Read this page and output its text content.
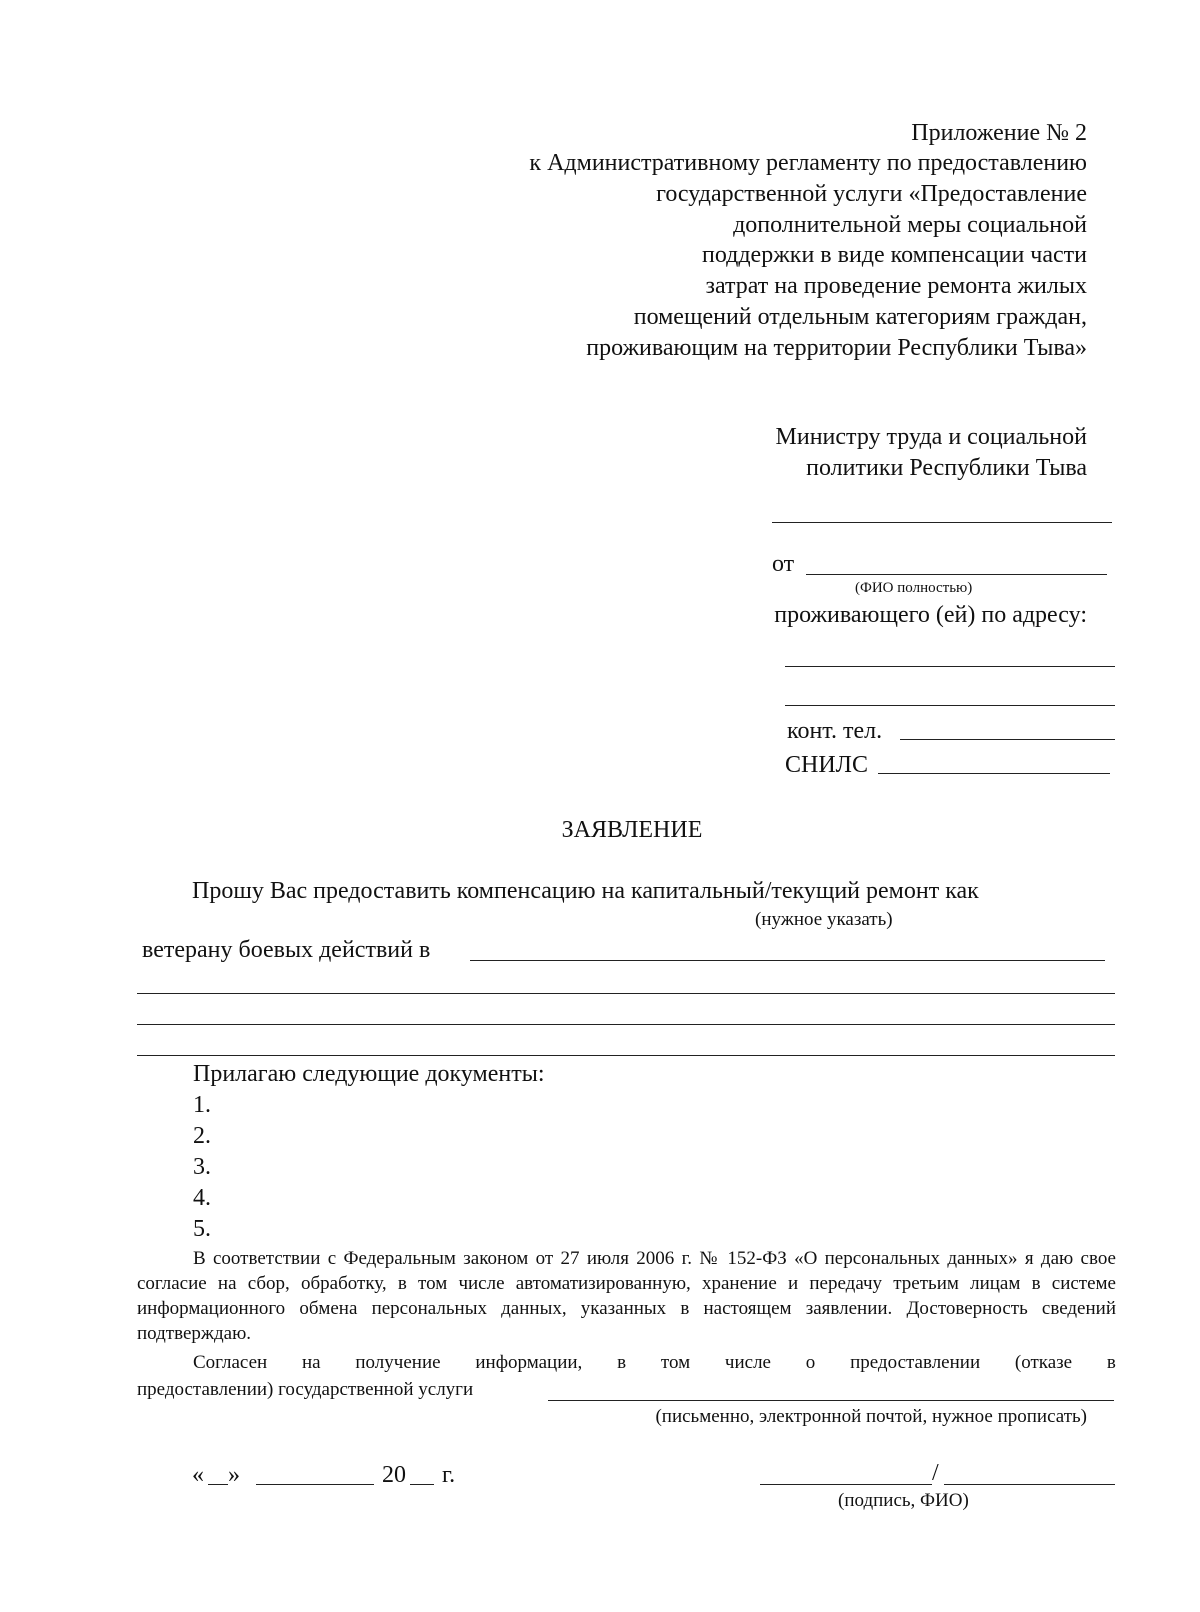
Приложение № 2
к Административному регламенту по предоставлению
государственной услуги «Предоставление
дополнительной меры социальной
поддержки в виде компенсации части
затрат на проведение ремонта жилых
помещений отдельным категориям граждан,
проживающим на территории Республики Тыва»
Министру труда и социальной
политики Республики Тыва
от
(ФИО полностью)
проживающего (ей) по адресу:
конт. тел.
СНИЛС
ЗАЯВЛЕНИЕ
Прошу Вас предоставить компенсацию на капитальный/текущий ремонт как
(нужное указать)
ветерану боевых действий в
Прилагаю следующие документы:
1.
2.
3.
4.
5.
В соответствии с Федеральным законом от 27 июля 2006 г. № 152-ФЗ «О персональных данных» я даю свое согласие на сбор, обработку, в том числе автоматизированную, хранение и передачу третьим лицам в системе информационного обмена персональных данных, указанных в настоящем заявлении. Достоверность сведений подтверждаю.
Согласен на получение информации, в том числе о предоставлении (отказе в
предоставлении) государственной услуги
(письменно, электронной почтой, нужное прописать)
« »	20 г.	/
(подпись, ФИО)
